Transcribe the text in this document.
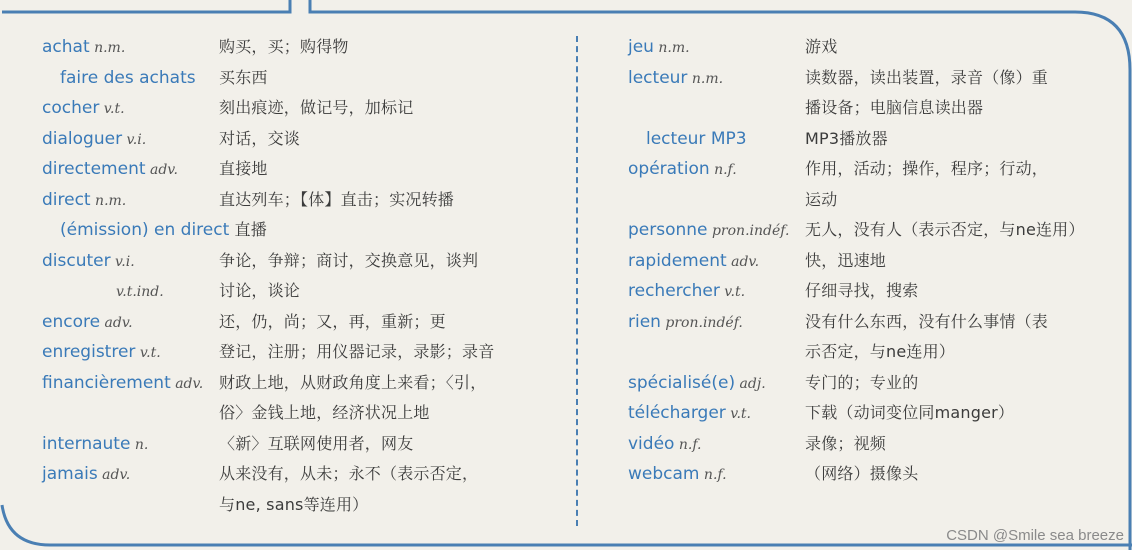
achat n.m.	购买，买；购得物
faire des achats 买东西
cocher v.t.	刻出痕迹，做记号，加标记
dialoguer v.i.	对话，交谈
directement adv.	直接地
direct n.m.	直达列车；【体】直击；实况转播
(émission) en direct 直播
discuter v.i.	争论，争辩；商讨，交换意见，谈判
v.t.ind.	讨论，谈论
encore adv.	还，仍，尚；又，再，重新；更
enregistrer v.t.	登记，注册；用仪器记录，录影；录音
financièrement adv. 财政上地，从财政角度上来看；〈引，
俗〉金钱上地，经济状况上地
internaute n.	〈新〉互联网使用者，网友
jamais adv.	从来没有，从未；永不（表示否定，
与ne, sans等连用）
jeu n.m.	游戏
lecteur n.m.	读数器，读出装置，录音（像）重
播设备；电脑信息读出器
lecteur MP3	MP3播放器
opération n.f.	作用，活动；操作，程序；行动，
运动
personne pron.indéf. 无人，没有人（表示否定，与ne连用）
rapidement adv.	快，迅速地
rechercher v.t.	仔细寻找，搜索
rien pron.indéf.	没有什么东西，没有什么事情（表
示否定，与ne连用）
spécialisé(e) adj. 专门的；专业的
télécharger v.t.	下载（动词变位同manger）
vidéo n.f.	录像；视频
webcam n.f.	（网络）摄像头
CSDN @Smile sea breeze
